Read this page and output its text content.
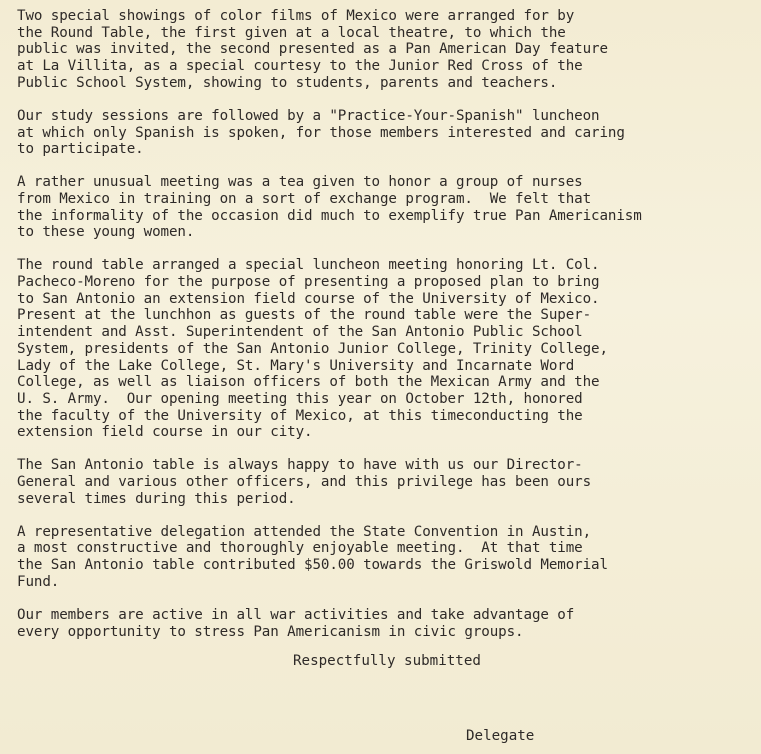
Two special showings of color films of Mexico were arranged for by
the Round Table, the first given at a local theatre, to which the
public was invited, the second presented as a Pan American Day feature
at La Villita, as a special courtesy to the Junior Red Cross of the
Public School System, showing to students, parents and teachers.
Our study sessions are followed by a "Practice-Your-Spanish" luncheon
at which only Spanish is spoken, for those members interested and caring
to participate.
A rather unusual meeting was a tea given to honor a group of nurses
from Mexico in training on a sort of exchange program.  We felt that
the informality of the occasion did much to exemplify true Pan Americanism
to these young women.
The round table arranged a special luncheon meeting honoring Lt. Col.
Pacheco-Moreno for the purpose of presenting a proposed plan to bring
to San Antonio an extension field course of the University of Mexico.
Present at the lunchhon as guests of the round table were the Super-
intendent and Asst. Superintendent of the San Antonio Public School
System, presidents of the San Antonio Junior College, Trinity College,
Lady of the Lake College, St. Mary's University and Incarnate Word
College, as well as liaison officers of both the Mexican Army and the
U. S. Army.  Our opening meeting this year on October 12th, honored
the faculty of the University of Mexico, at this timeconducting the
extension field course in our city.
The San Antonio table is always happy to have with us our Director-
General and various other officers, and this privilege has been ours
several times during this period.
A representative delegation attended the State Convention in Austin,
a most constructive and thoroughly enjoyable meeting.  At that time
the San Antonio table contributed $50.00 towards the Griswold Memorial
Fund.
Our members are active in all war activities and take advantage of
every opportunity to stress Pan Americanism in civic groups.
Respectfully submitted
Delegate
